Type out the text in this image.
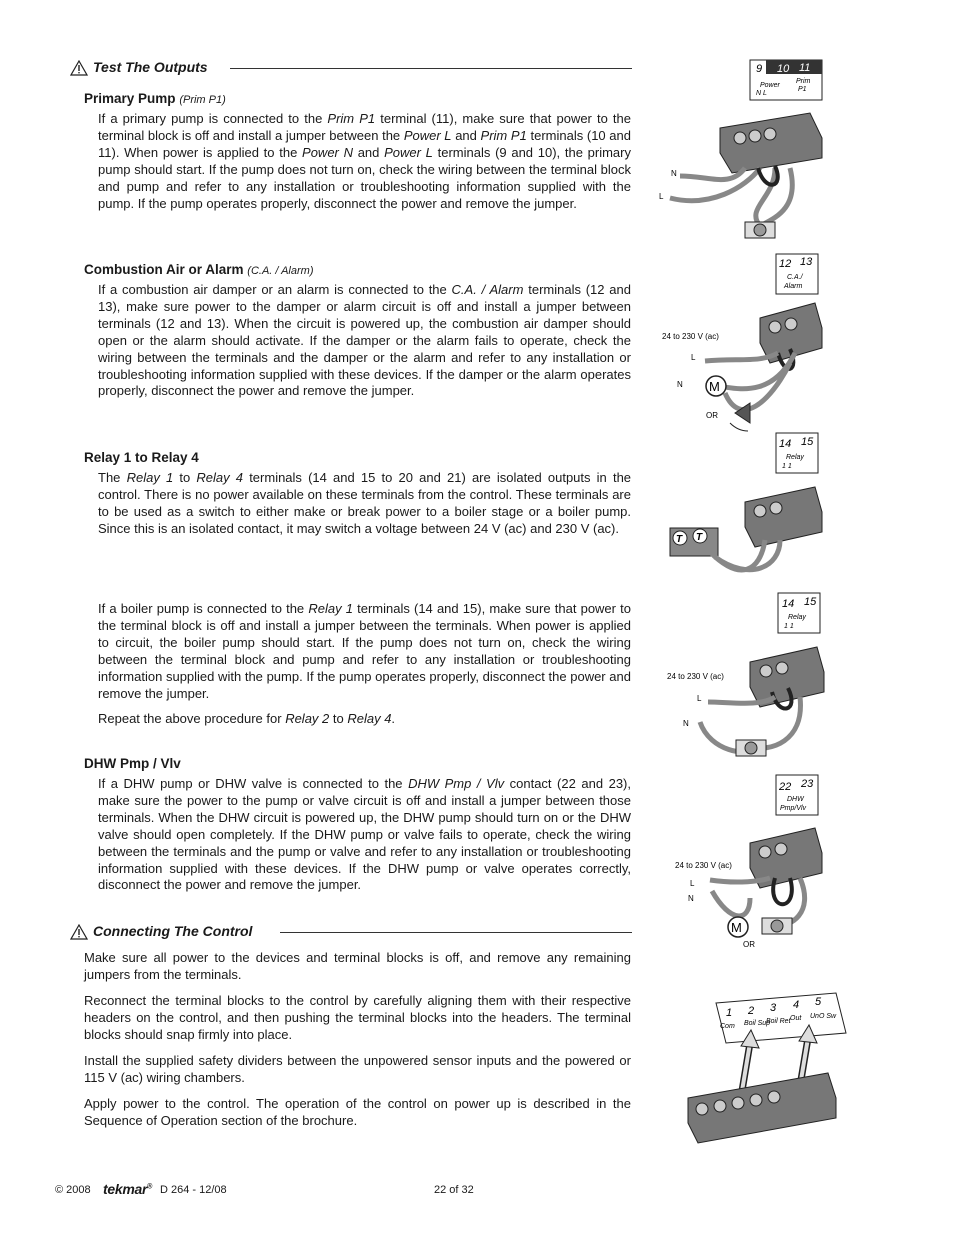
Test The Outputs
Primary Pump (Prim P1)
If a primary pump is connected to the Prim P1 terminal (11), make sure that power to the terminal block is off and install a jumper between the Power L and Prim P1 terminals (10 and 11). When power is applied to the Power N and Power L terminals (9 and 10), the primary pump should start. If the pump does not turn on, check the wiring between the terminal block and pump and refer to any installation or troubleshooting information supplied with the pump. If the pump operates properly, disconnect the power and remove the jumper.
Combustion Air or Alarm (C.A. / Alarm)
If a combustion air damper or an alarm is connected to the C.A. / Alarm terminals (12 and 13), make sure power to the damper or alarm circuit is off and install a jumper between terminals (12 and 13). When the circuit is powered up, the combustion air damper should open or the alarm should activate. If the damper or the alarm fails to operate, check the wiring between the terminals and the damper or the alarm and refer to any installation or troubleshooting information supplied with these devices. If the damper or the alarm operates properly, disconnect the power and remove the jumper.
Relay 1 to Relay 4
The Relay 1 to Relay 4 terminals (14 and 15 to 20 and 21) are isolated outputs in the control. There is no power available on these terminals from the control. These terminals are to be used as a switch to either make or break power to a boiler stage or a boiler pump. Since this is an isolated contact, it may switch a voltage between 24 V (ac) and 230 V (ac).
If a boiler pump is connected to the Relay 1 terminals (14 and 15), make sure that power to the terminal block is off and install a jumper between the terminals. When power is applied to circuit, the boiler pump should start. If the pump does not turn on, check the wiring between the terminal block and pump and refer to any installation or troubleshooting information supplied with the pump. If the pump operates properly, disconnect the power and remove the jumper.
Repeat the above procedure for Relay 2 to Relay 4.
DHW Pmp / Vlv
If a DHW pump or DHW valve is connected to the DHW Pmp / Vlv contact (22 and 23), make sure the power to the pump or valve circuit is off and install a jumper between those terminals. When the DHW circuit is powered up, the DHW pump should turn on or the DHW valve should open completely. If the DHW pump or valve fails to operate, check the wiring between the terminals and the pump or valve and refer to any installation or troubleshooting information supplied with these devices. If the DHW pump or valve operates correctly, disconnect the power and remove the jumper.
Connecting The Control
Make sure all power to the devices and terminal blocks is off, and remove any remaining jumpers from the terminals.
Reconnect the terminal blocks to the control by carefully aligning them with their respective headers on the control, and then pushing the terminal blocks into the headers. The terminal blocks should snap firmly into place.
Install the supplied safety dividers between the unpowered sensor inputs and the powered or 115 V (ac) wiring chambers.
Apply power to the control. The operation of the control on power up is described in the Sequence of Operation section of the brochure.
9 10 11
Power
N L
Prim
P1
N
L
12 13
C.A./
Alarm
M
24 to 230 V (ac)
L
N
OR
14 15
Relay
1 1
T T
14 15
Relay
1 1
24 to 230 V (ac)
L
N
22 23
DHW
Pmp/Vlv
M
24 to 230 V (ac)
L
N
OR
1 2 3 4 5
Com Boil Sup
Boil Ret Out UnO Sw
© 2008 tekmar® D 264 - 12/08	22 of 32
